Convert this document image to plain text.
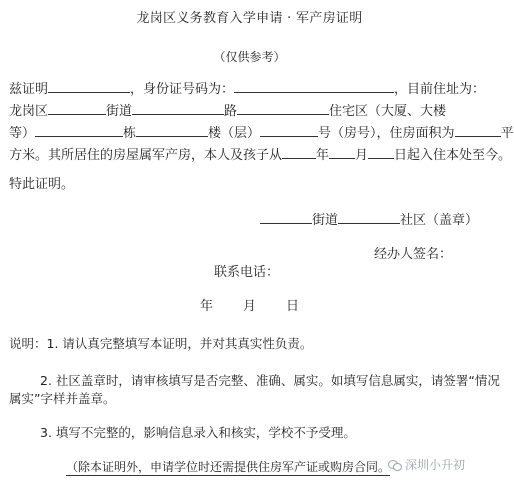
龙岗区义务教育入学申请 · 军产房证明
（仅供参考）
兹证明	，身份证号码为：	，目前住址为：
龙岗区	街道	路	住宅区（大厦、大楼
等）	栋	楼（层）	号（房号），住房面积为	平
方米。其所居住的房屋属军产房，本人及孩子从	年 月 日起入住本处至今。
特此证明。
街道	社区（盖章）
经办人签名：
联系电话：
年 月 日
说明：1. 请认真完整填写本证明，并对其真实性负责。
2. 社区盖章时，请审核填写是否完整、准确、属实。如填写信息属实，请签署“情况
属实”字样并盖章。
3. 填写不完整的，影响信息录入和核实，学校不予受理。
（除本证明外，申请学位时还需提供住房军产证或购房合同。 深圳小升初
